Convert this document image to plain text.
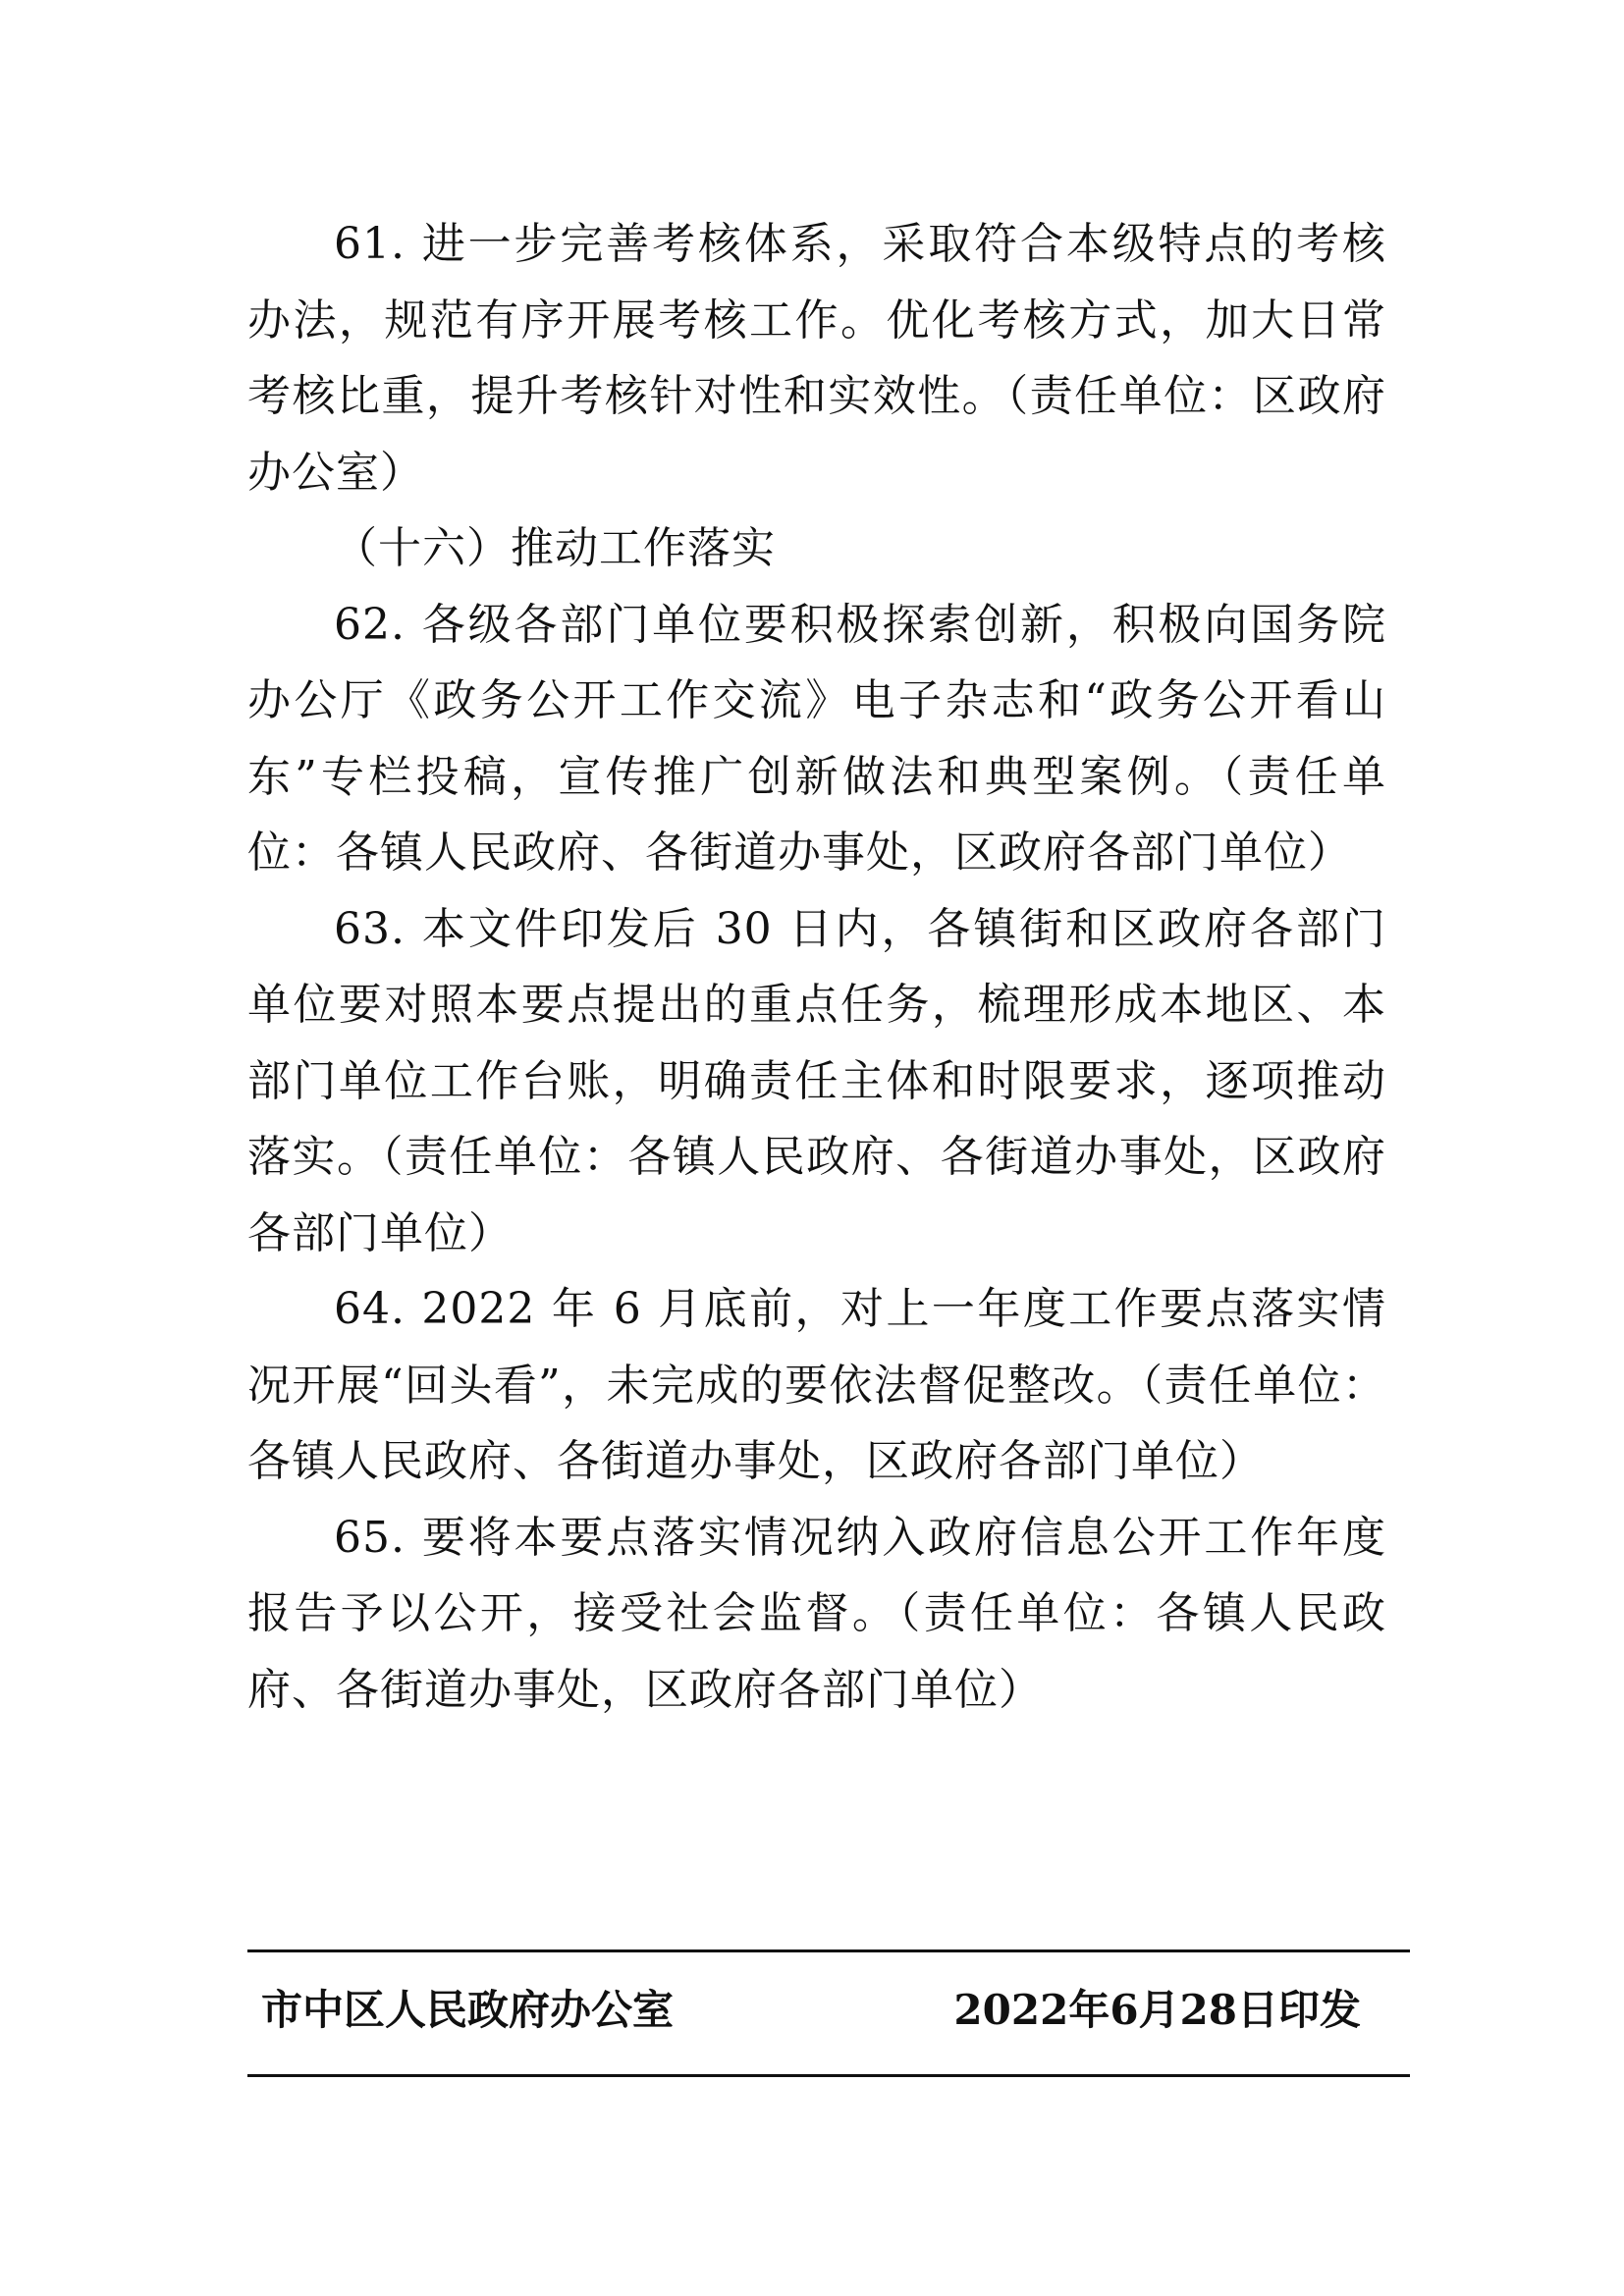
61. 进一步完善考核体系，采取符合本级特点的考核办法，规范有序开展考核工作。优化考核方式，加大日常考核比重，提升考核针对性和实效性。（责任单位：区政府办公室）

（十六）推动工作落实

62. 各级各部门单位要积极探索创新，积极向国务院办公厅《政务公开工作交流》电子杂志和“政务公开看山东”专栏投稿，宣传推广创新做法和典型案例。（责任单位：各镇人民政府、各街道办事处，区政府各部门单位）

63. 本文件印发后 30 日内，各镇街和区政府各部门单位要对照本要点提出的重点任务，梳理形成本地区、本部门单位工作台账，明确责任主体和时限要求，逐项推动落实。（责任单位：各镇人民政府、各街道办事处，区政府各部门单位）

64. 2022 年 6 月底前，对上一年度工作要点落实情况开展“回头看”，未完成的要依法督促整改。（责任单位：各镇人民政府、各街道办事处，区政府各部门单位）

65. 要将本要点落实情况纳入政府信息公开工作年度报告予以公开，接受社会监督。（责任单位：各镇人民政府、各街道办事处，区政府各部门单位）

市中区人民政府办公室	2022年6月28日印发
